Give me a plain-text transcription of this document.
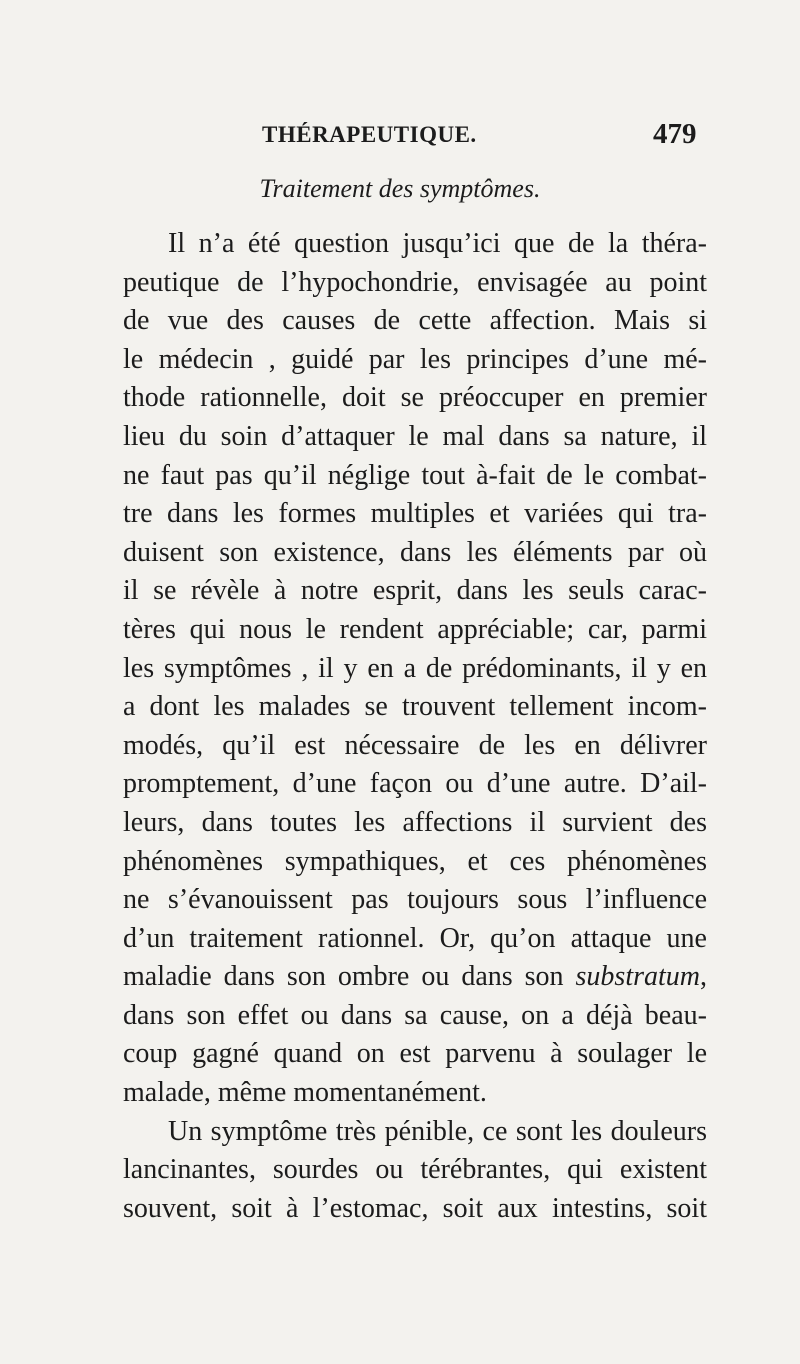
THÉRAPEUTIQUE.	479
Traitement des symptômes.
Il n’a été question jusqu’ici que de la théra-
peutique de l’hypochondrie, envisagée au point
de vue des causes de cette affection. Mais si
le médecin , guidé par les principes d’une mé-
thode rationnelle, doit se préoccuper en premier
lieu du soin d’attaquer le mal dans sa nature, il
ne faut pas qu’il néglige tout à-fait de le combat-
tre dans les formes multiples et variées qui tra-
duisent son existence, dans les éléments par où
il se révèle à notre esprit, dans les seuls carac-
tères qui nous le rendent appréciable; car, parmi
les symptômes , il y en a de prédominants, il y en
a dont les malades se trouvent tellement incom-
modés, qu’il est nécessaire de les en délivrer
promptement, d’une façon ou d’une autre. D’ail-
leurs, dans toutes les affections il survient des
phénomènes sympathiques, et ces phénomènes
ne s’évanouissent pas toujours sous l’influence
d’un traitement rationnel. Or, qu’on attaque une
maladie dans son ombre ou dans son substratum,
dans son effet ou dans sa cause, on a déjà beau-
coup gagné quand on est parvenu à soulager le
malade, même momentanément.
Un symptôme très pénible, ce sont les douleurs
lancinantes, sourdes ou térébrantes, qui existent
souvent, soit à l’estomac, soit aux intestins, soit
